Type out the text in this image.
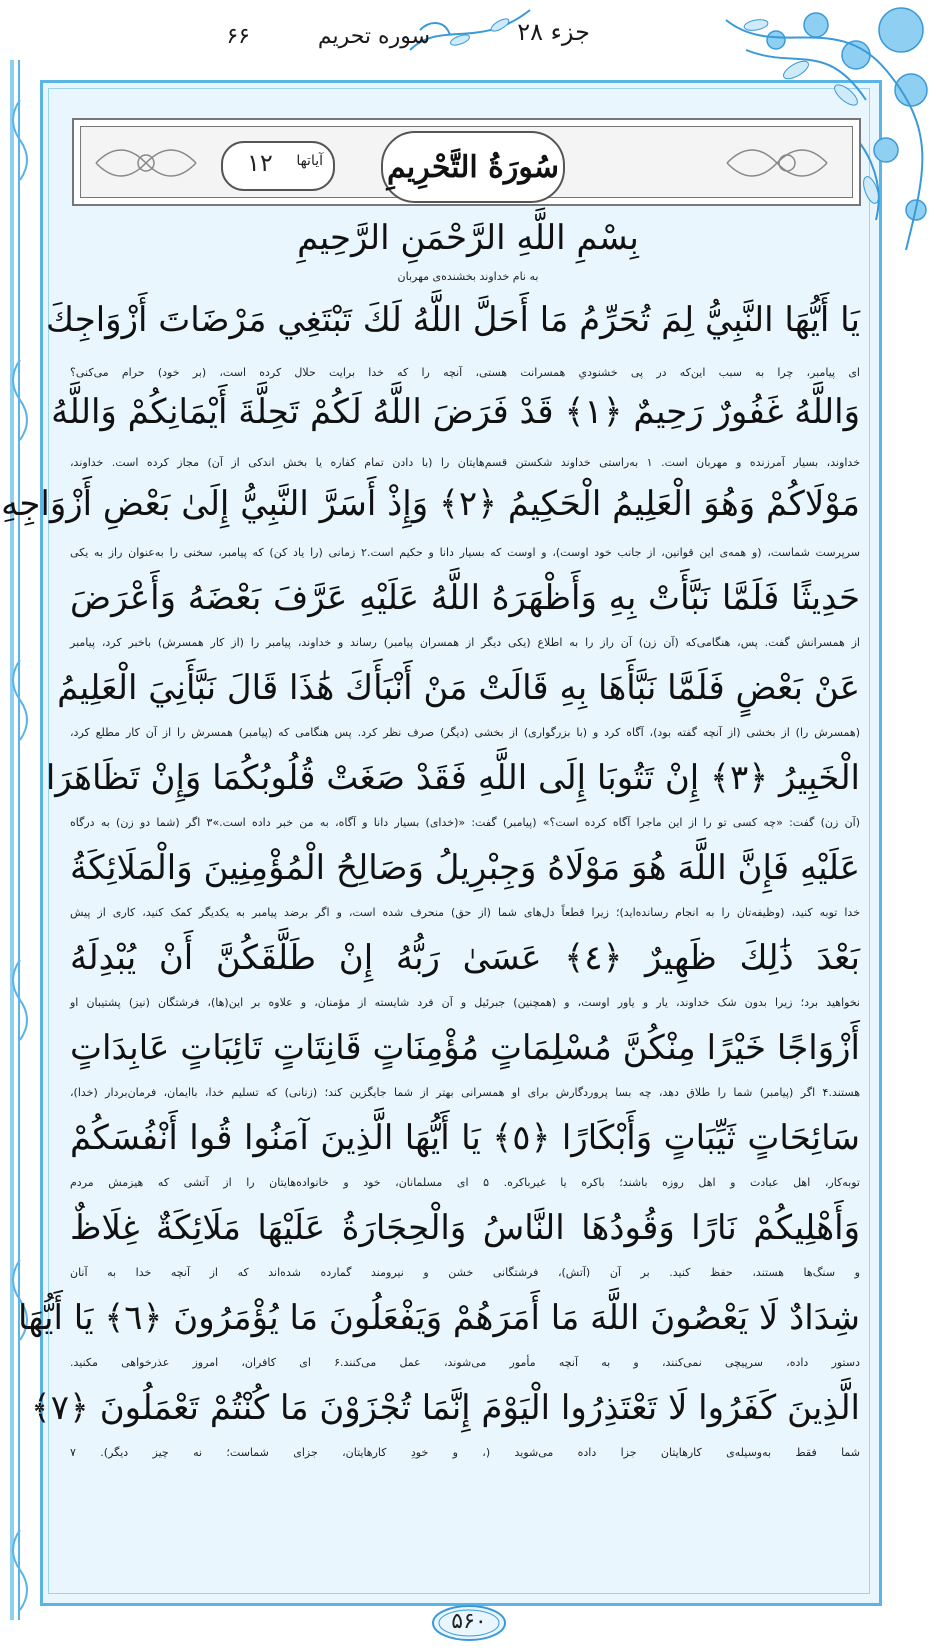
جزء ۲۸
سوره تحریم
۶۶
سُورَةُ التَّحْرِيمِ
آیاتها
۱۲
بِسْمِ اللَّهِ الرَّحْمَنِ الرَّحِيمِ
به نام خداوند بخشنده‌ی مهربان
يَا أَيُّهَا النَّبِيُّ لِمَ تُحَرِّمُ مَا أَحَلَّ اللَّهُ لَكَ تَبْتَغِي مَرْضَاتَ أَزْوَاجِكَ
ای پیامبر، چرا به سبب این‌که در پی خشنودیِ همسرانت هستی، آنچه را که خدا برایت حلال کرده است، (بر خود) حرام می‌کنی؟
وَاللَّهُ غَفُورٌ رَحِيمٌ ﴿١﴾ قَدْ فَرَضَ اللَّهُ لَكُمْ تَحِلَّةَ أَيْمَانِكُمْ وَاللَّهُ
خداوند، بسیار آمرزنده و مهربان است. ۱ به‌راستی خداوند شکستن قسم‌هایتان را (با دادن تمام کفاره یا بخش اندکی از آن) مجاز کرده است. خداوند،
مَوْلَاكُمْ وَهُوَ الْعَلِيمُ الْحَكِيمُ ﴿٢﴾ وَإِذْ أَسَرَّ النَّبِيُّ إِلَىٰ بَعْضِ أَزْوَاجِهِ
سرپرست شماست، (و همه‌ی این قوانین، از جانب خود اوست)، و اوست که بسیار دانا و حکیم است.۲ زمانی (را یاد کن) که پیامبر، سخنی را به‌عنوان راز به یکی
حَدِيثًا فَلَمَّا نَبَّأَتْ بِهِ وَأَظْهَرَهُ اللَّهُ عَلَيْهِ عَرَّفَ بَعْضَهُ وَأَعْرَضَ
از همسرانش گفت. پس، هنگامی‌که (آن زن) آن راز را به اطلاع (یکی دیگر از همسران پیامبر) رساند و خداوند، پیامبر را (از کار همسرش) باخبر کرد، پیامبر
عَنْ بَعْضٍ فَلَمَّا نَبَّأَهَا بِهِ قَالَتْ مَنْ أَنْبَأَكَ هَٰذَا قَالَ نَبَّأَنِيَ الْعَلِيمُ
(همسرش را) از بخشی (از آنچه گفته بود)، آگاه کرد و (با بزرگواری) از بخشی (دیگر) صرف نظر کرد. پس هنگامی که (پیامبر) همسرش را از آن کار مطلع کرد،
الْخَبِيرُ ﴿٣﴾ إِنْ تَتُوبَا إِلَى اللَّهِ فَقَدْ صَغَتْ قُلُوبُكُمَا وَإِنْ تَظَاهَرَا
(آن زن) گفت: «چه کسی تو را از این ماجرا آگاه کرده است؟» (پیامبر) گفت: «(خدای) بسیار دانا و آگاه، به من خبر داده است.»۳ اگر (شما دو زن) به درگاه
عَلَيْهِ فَإِنَّ اللَّهَ هُوَ مَوْلَاهُ وَجِبْرِيلُ وَصَالِحُ الْمُؤْمِنِينَ وَالْمَلَائِكَةُ
خدا توبه کنید، (وظیفه‌تان را به انجام رسانده‌اید)؛ زیرا قطعاً دل‌های شما (از حق) منحرف شده است، و اگر برضد پیامبر به یکدیگر کمک کنید، کاری از پیش
بَعْدَ ذَٰلِكَ ظَهِيرٌ ﴿٤﴾ عَسَىٰ رَبُّهُ إِنْ طَلَّقَكُنَّ أَنْ يُبْدِلَهُ
نخواهید برد؛ زیرا بدون شک خداوند، یار و یاور اوست، و (همچنین) جبرئیل و آن فرد شایسته از مؤمنان، و علاوه بر این(ها)، فرشتگان (نیز) پشتیبان او
أَزْوَاجًا خَيْرًا مِنْكُنَّ مُسْلِمَاتٍ مُؤْمِنَاتٍ قَانِتَاتٍ تَائِبَاتٍ عَابِدَاتٍ
هستند.۴ اگر (پیامبر) شما را طلاق دهد، چه بسا پروردگارش برای او همسرانی بهتر از شما جایگزین کند؛ (زنانی) که تسلیم خدا، باایمان، فرمان‌بردار (خدا)،
سَائِحَاتٍ ثَيِّبَاتٍ وَأَبْكَارًا ﴿٥﴾ يَا أَيُّهَا الَّذِينَ آمَنُوا قُوا أَنْفُسَكُمْ
توبه‌کار، اهل عبادت و اهل روزه باشند؛ باکره یا غیرباکره. ۵ ای مسلمانان، خود و خانواده‌هایتان را از آتشی که هیزمش مردم
وَأَهْلِيكُمْ نَارًا وَقُودُهَا النَّاسُ وَالْحِجَارَةُ عَلَيْهَا مَلَائِكَةٌ غِلَاظٌ
و سنگ‌ها هستند، حفظ کنید. بر آن (آتش)، فرشتگانی خشن و نیرومند گمارده شده‌اند که از آنچه خدا به آنان
شِدَادٌ لَا يَعْصُونَ اللَّهَ مَا أَمَرَهُمْ وَيَفْعَلُونَ مَا يُؤْمَرُونَ ﴿٦﴾ يَا أَيُّهَا
دستور داده، سرپیچی نمی‌کنند، و به آنچه مأمور می‌شوند، عمل می‌کنند.۶ ای کافران، امروز عذرخواهی مکنید.
الَّذِينَ كَفَرُوا لَا تَعْتَذِرُوا الْيَوْمَ إِنَّمَا تُجْزَوْنَ مَا كُنْتُمْ تَعْمَلُونَ ﴿٧﴾
شما فقط به‌وسیله‌ی کارهایتان جزا داده می‌شوید (، و خودِ کارهایتان، جزای شماست؛ نه چیز دیگر). ۷
۵۶۰
